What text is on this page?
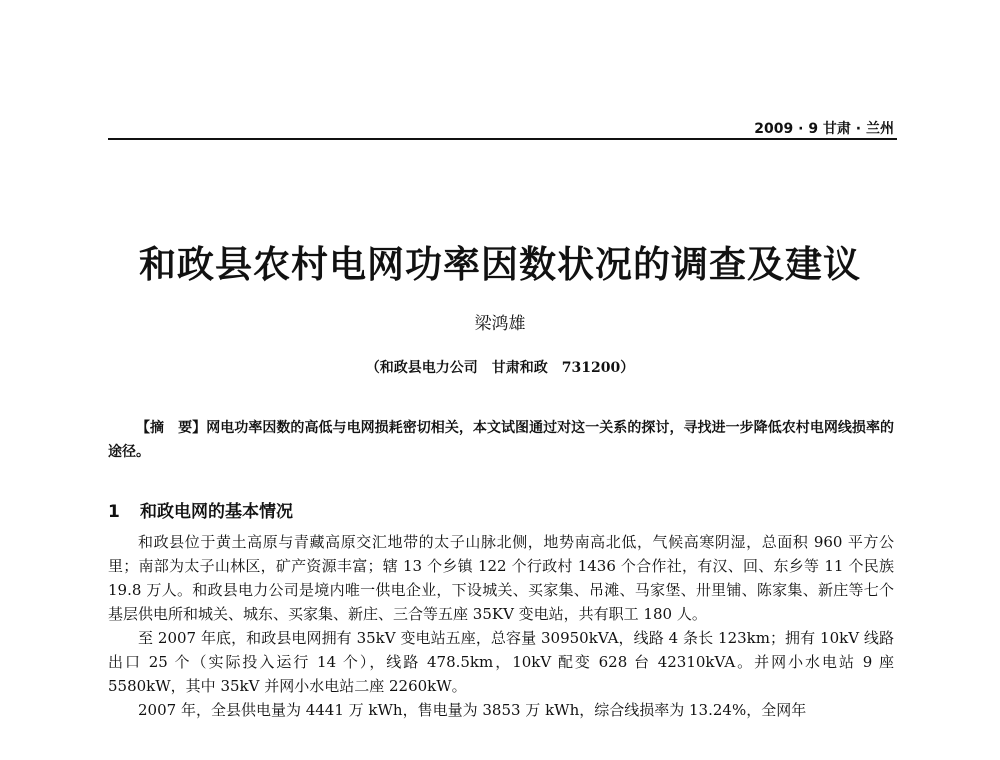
2009 · 9 甘肃 · 兰州
和政县农村电网功率因数状况的调查及建议
梁鸿雄
（和政县电力公司　甘肃和政　731200）
【摘　要】网电功率因数的高低与电网损耗密切相关，本文试图通过对这一关系的探讨，寻找进一步降低农村电网线损率的途径。
1 和政电网的基本情况

和政县位于黄土高原与青藏高原交汇地带的太子山脉北侧，地势南高北低，气候高寒阴湿，总面积 960 平方公里；南部为太子山林区，矿产资源丰富；辖 13 个乡镇 122 个行政村 1436 个合作社，有汉、回、东乡等 11 个民族 19.8 万人。和政县电力公司是境内唯一供电企业，下设城关、买家集、吊滩、马家堡、卅里铺、陈家集、新庄等七个基层供电所和城关、城东、买家集、新庄、三合等五座 35KV 变电站，共有职工 180 人。

至 2007 年底，和政县电网拥有 35kV 变电站五座，总容量 30950kVA，线路 4 条长 123km；拥有 10kV 线路出口 25 个（实际投入运行 14 个），线路 478.5km，10kV 配变 628 台 42310kVA。并网小水电站 9 座 5580kW，其中 35kV 并网小水电站二座 2260kW。

2007 年，全县供电量为 4441 万 kWh，售电量为 3853 万 kWh，综合线损率为 13.24%，全网年
